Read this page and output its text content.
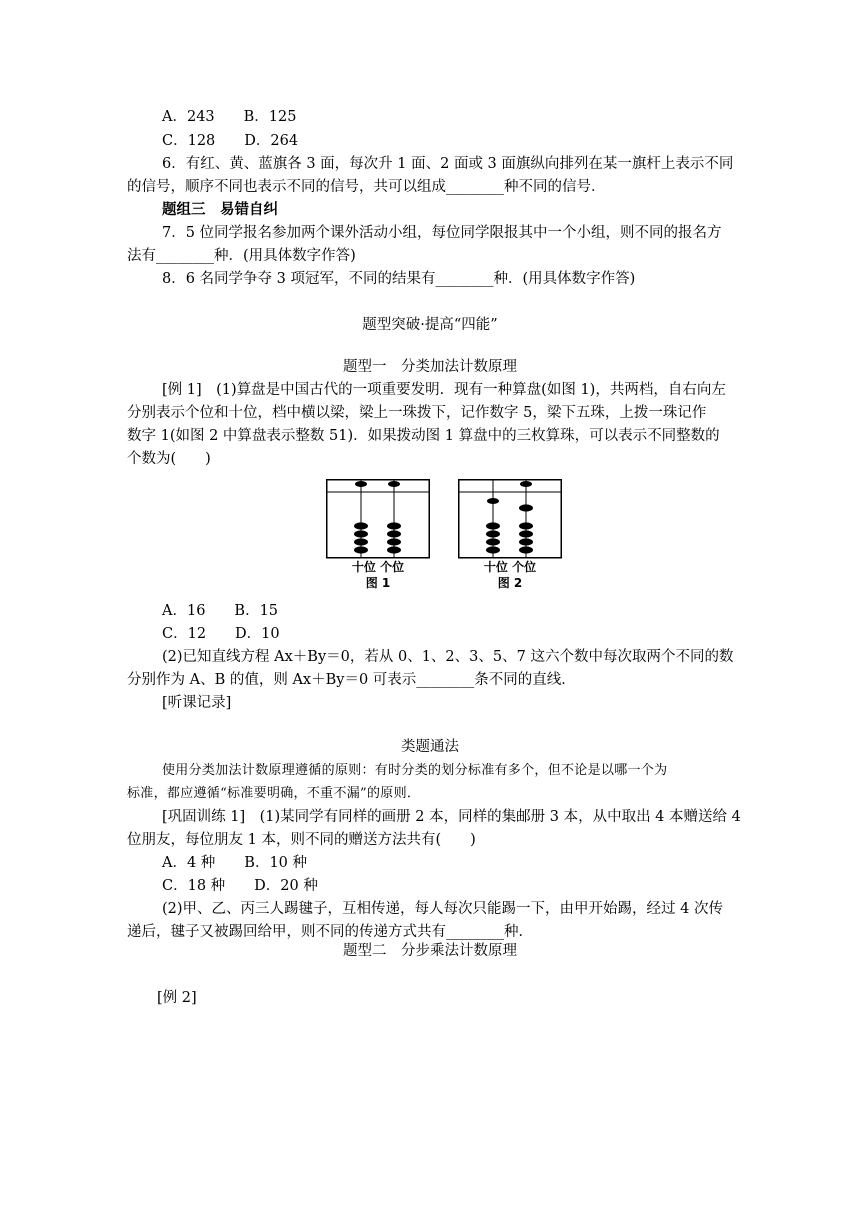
A．243　　B．125
C．128　　D．264
6．有红、黄、蓝旗各 3 面，每次升 1 面、2 面或 3 面旗纵向排列在某一旗杆上表示不同
的信号，顺序不同也表示不同的信号，共可以组成________种不同的信号．
题组三　易错自纠
7．5 位同学报名参加两个课外活动小组，每位同学限报其中一个小组，则不同的报名方
法有________种．(用具体数字作答)
8．6 名同学争夺 3 项冠军，不同的结果有________种．(用具体数字作答)
题型突破·提高“四能”
题型一　分类加法计数原理
[例 1]　(1)算盘是中国古代的一项重要发明．现有一种算盘(如图 1)，共两档，自右向左
分别表示个位和十位，档中横以梁，梁上一珠拨下，记作数字 5，梁下五珠，上拨一珠记作
数字 1(如图 2 中算盘表示整数 51)．如果拨动图 1 算盘中的三枚算珠，可以表示不同整数的
个数为(　　)
十位 个位
图 1
十位 个位
图 2
A．16　　B．15
C．12　　D．10
(2)已知直线方程 Ax＋By＝0，若从 0、1、2、3、5、7 这六个数中每次取两个不同的数
分别作为 A、B 的值，则 Ax＋By＝0 可表示________条不同的直线．
[听课记录]
类题通法
使用分类加法计数原理遵循的原则：有时分类的划分标准有多个，但不论是以哪一个为
标准，都应遵循“标准要明确，不重不漏”的原则．
[巩固训练 1]　(1)某同学有同样的画册 2 本，同样的集邮册 3 本，从中取出 4 本赠送给 4
位朋友，每位朋友 1 本，则不同的赠送方法共有(　　)
A．4 种　　B．10 种
C．18 种　　D．20 种
(2)甲、乙、丙三人踢毽子，互相传递，每人每次只能踢一下，由甲开始踢，经过 4 次传
递后，毽子又被踢回给甲，则不同的传递方式共有________种．
题型二　分步乘法计数原理
[例 2]
